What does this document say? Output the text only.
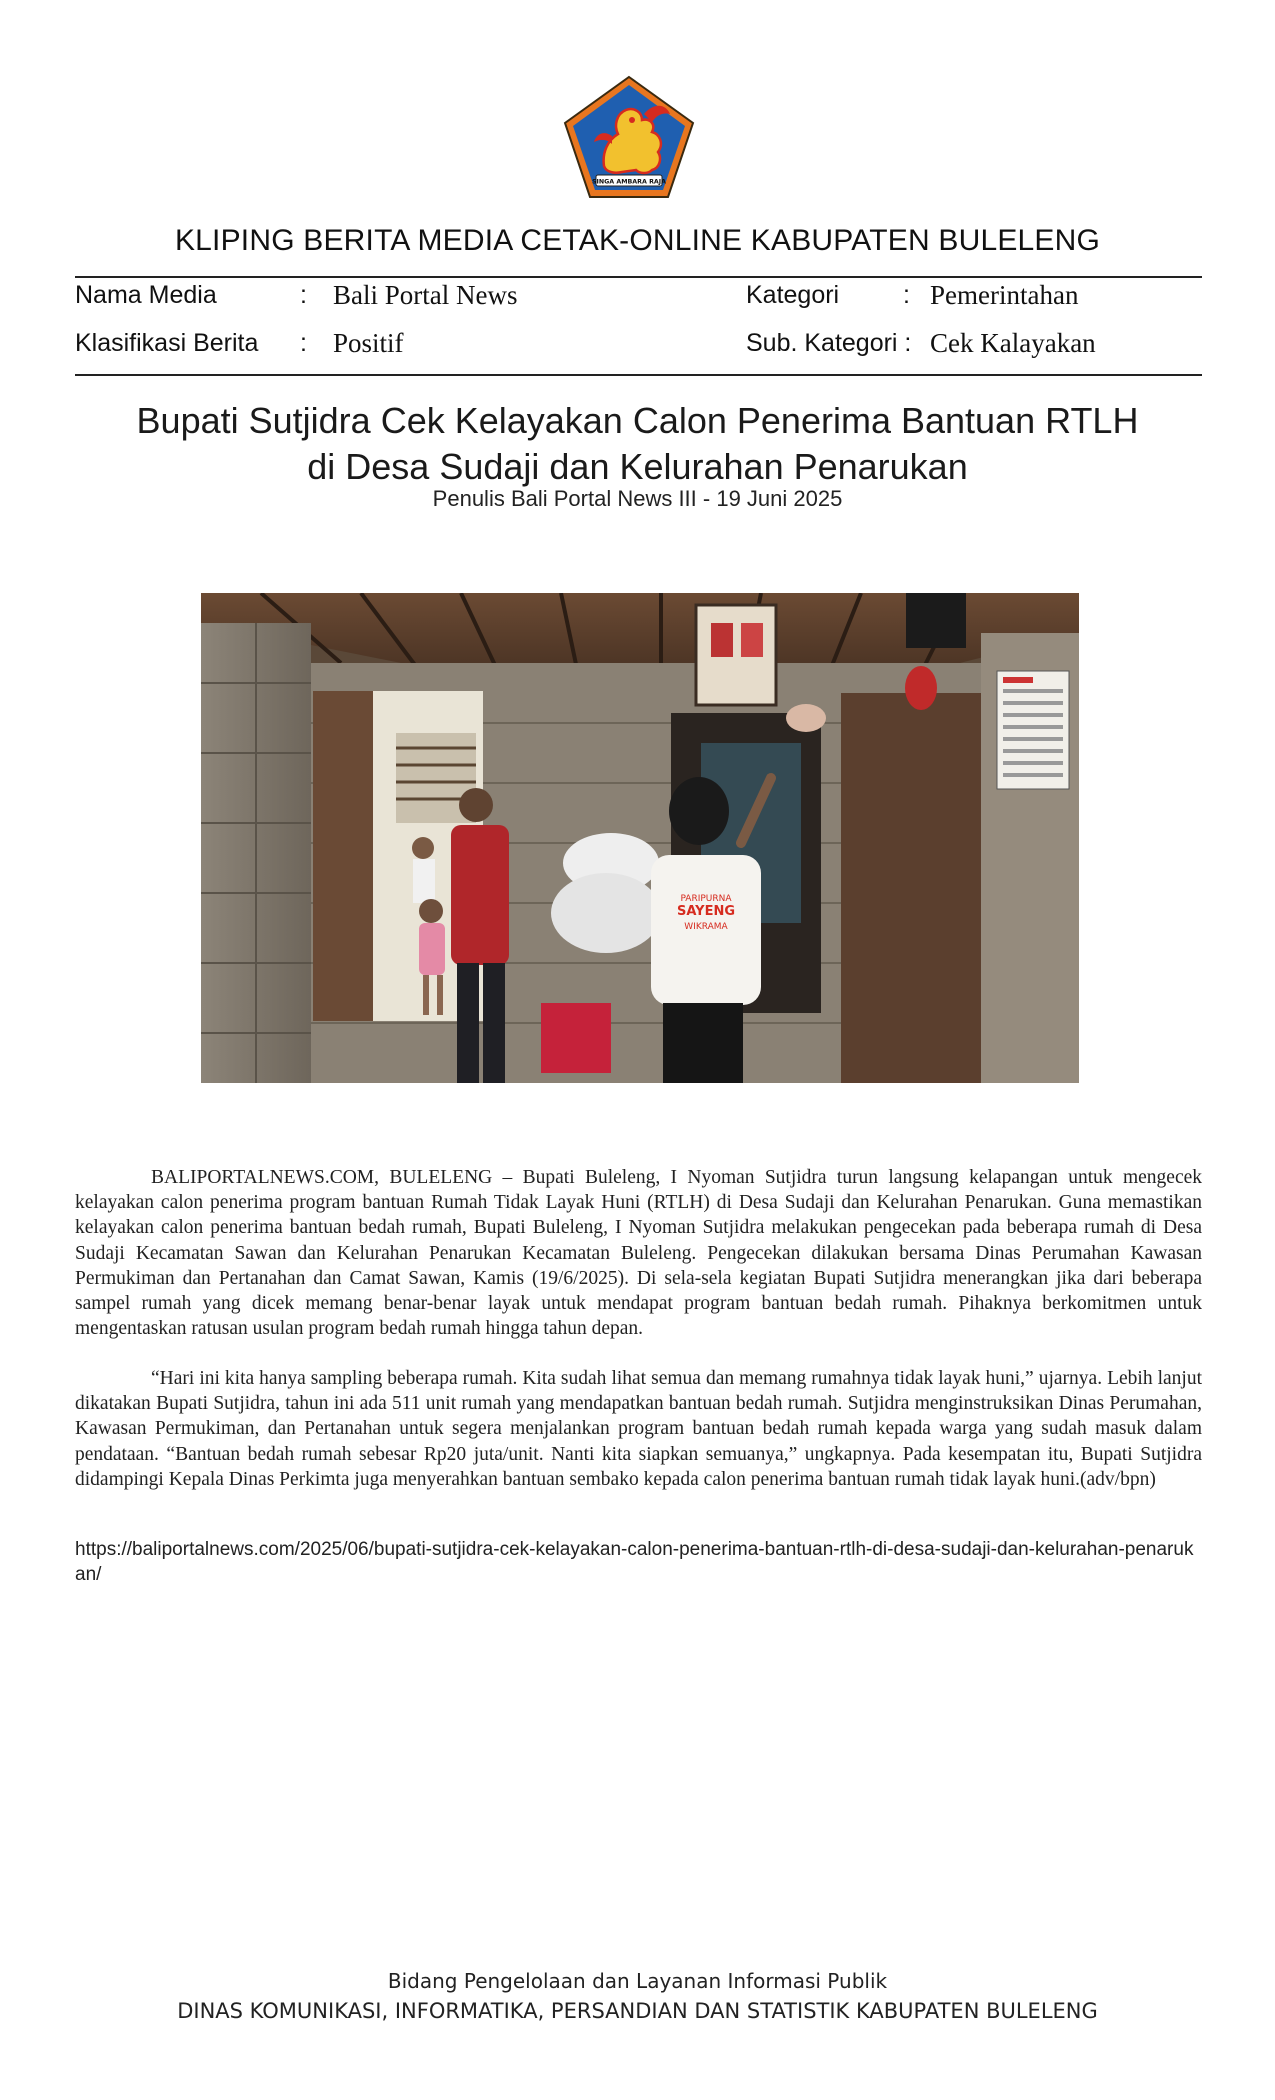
SINGA AMBARA RAJA
KLIPING BERITA MEDIA CETAK-ONLINE KABUPATEN BULELENG
Nama Media	: Bali Portal News
Klasifikasi Berita : Positif
Kategori	: Pemerintahan
Sub. Kategori : Cek Kalayakan
Bupati Sutjidra Cek Kelayakan Calon Penerima Bantuan RTLH
di Desa Sudaji dan Kelurahan Penarukan
Penulis Bali Portal News III - 19 Juni 2025
PARIPURNA
SAYENG
WIKRAMA

BALIPORTALNEWS.COM, BULELENG – Bupati Buleleng, I Nyoman Sutjidra turun langsung kelapangan untuk mengecek kelayakan calon penerima program bantuan Rumah Tidak Layak Huni (RTLH) di Desa Sudaji dan Kelurahan Penarukan. Guna memastikan kelayakan calon penerima bantuan bedah rumah, Bupati Buleleng, I Nyoman Sutjidra melakukan pengecekan pada beberapa rumah di Desa Sudaji Kecamatan Sawan dan Kelurahan Penarukan Kecamatan Buleleng. Pengecekan dilakukan bersama Dinas Perumahan Kawasan Permukiman dan Pertanahan dan Camat Sawan, Kamis (19/6/2025). Di sela-sela kegiatan Bupati Sutjidra menerangkan jika dari beberapa sampel rumah yang dicek memang benar-benar layak untuk mendapat program bantuan bedah rumah. Pihaknya berkomitmen untuk mengentaskan ratusan usulan program bedah rumah hingga tahun depan.

“Hari ini kita hanya sampling beberapa rumah. Kita sudah lihat semua dan memang rumahnya tidak layak huni,” ujarnya. Lebih lanjut dikatakan Bupati Sutjidra, tahun ini ada 511 unit rumah yang mendapatkan bantuan bedah rumah. Sutjidra menginstruksikan Dinas Perumahan, Kawasan Permukiman, dan Pertanahan untuk segera menjalankan program bantuan bedah rumah kepada warga yang sudah masuk dalam pendataan. “Bantuan bedah rumah sebesar Rp20 juta/unit. Nanti kita siapkan semuanya,” ungkapnya. Pada kesempatan itu, Bupati Sutjidra didampingi Kepala Dinas Perkimta juga menyerahkan bantuan sembako kepada calon penerima bantuan rumah tidak layak huni.(adv/bpn)

https://baliportalnews.com/2025/06/bupati-sutjidra-cek-kelayakan-calon-penerima-bantuan-rtlh-di-desa-sudaji-dan-kelurahan-penarukan/
Bidang Pengelolaan dan Layanan Informasi Publik
DINAS KOMUNIKASI, INFORMATIKA, PERSANDIAN DAN STATISTIK KABUPATEN BULELENG
